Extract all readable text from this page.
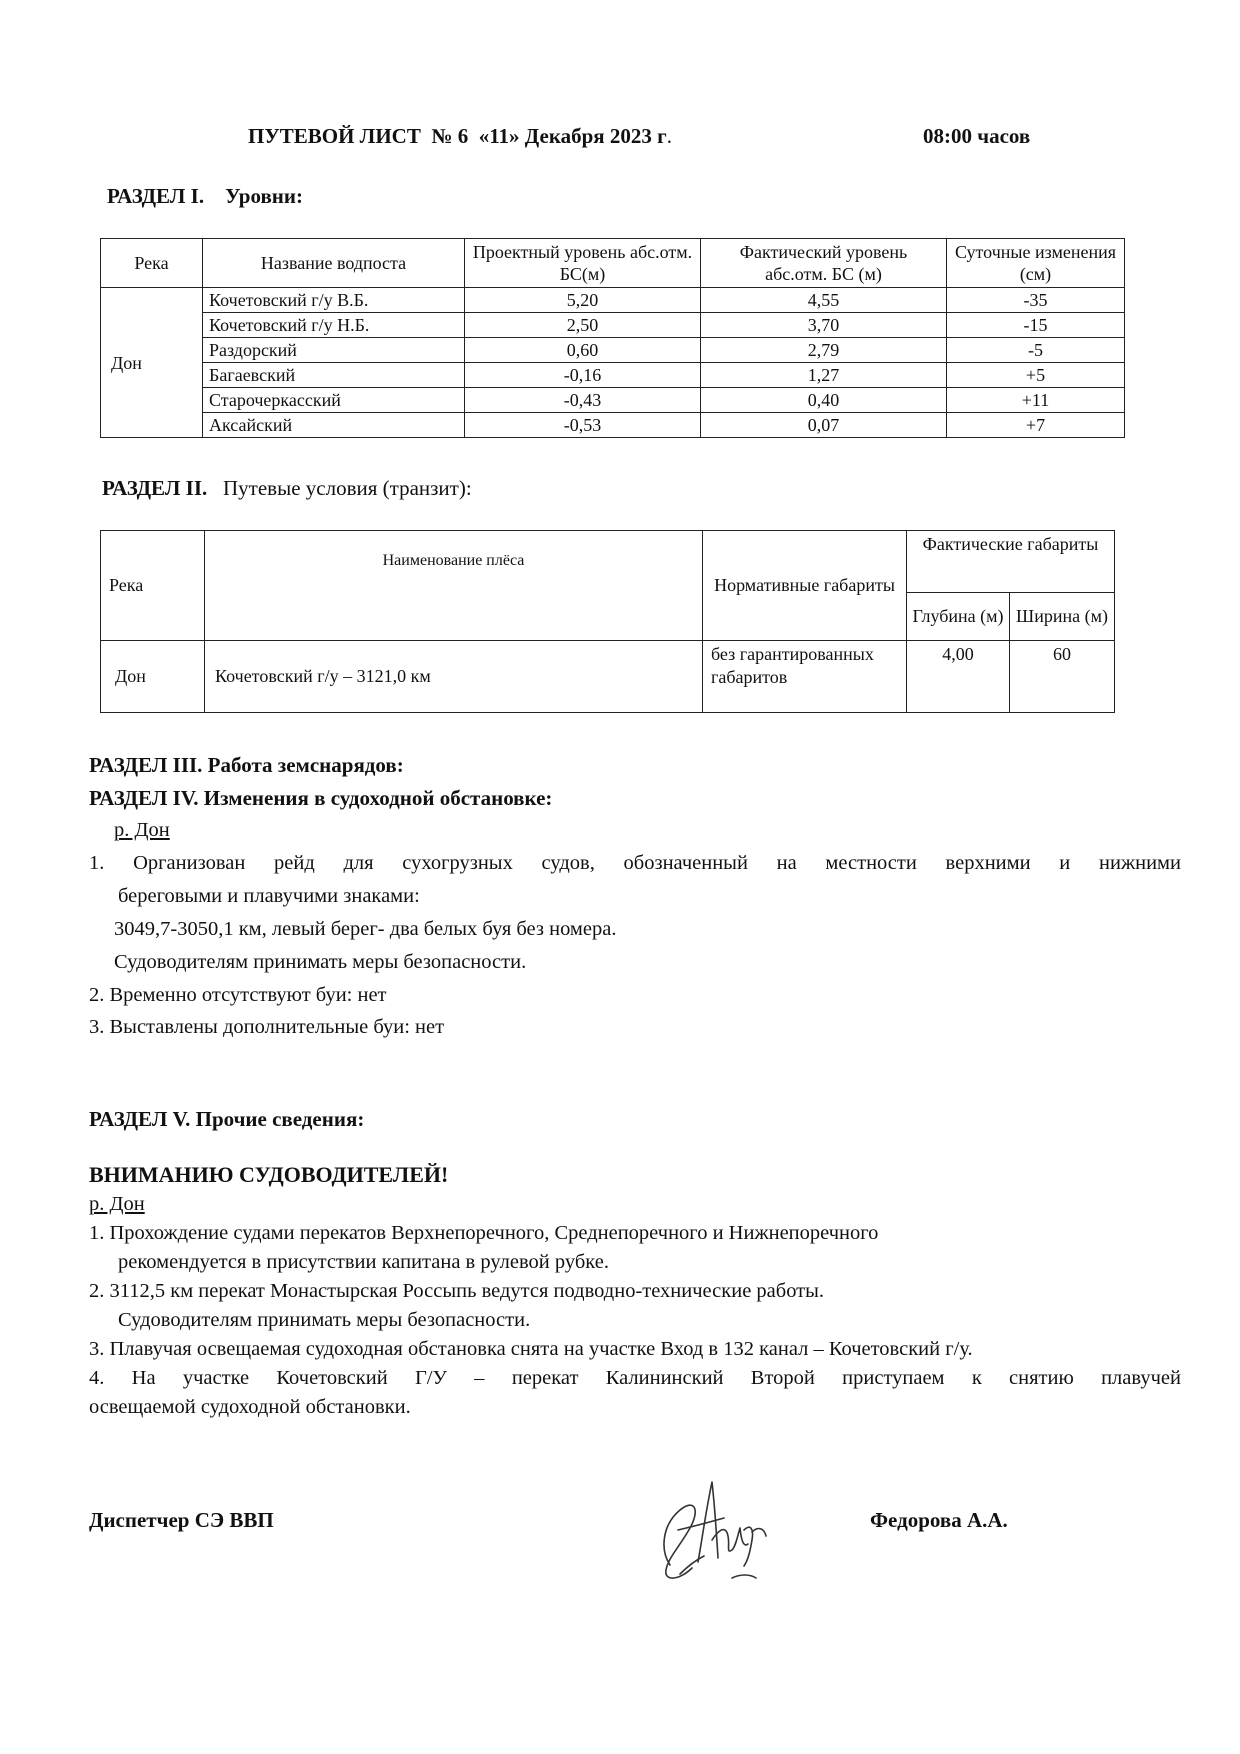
ПУТЕВОЙ ЛИСТ № 6 «11» Декабря 2023 г.	08:00 часов
РАЗДЕЛ I. Уровни:
Река	Название водпоста	Проектный уровень абс.отм. БС(м)	Фактический уровень абс.отм. БС (м)	Суточные изменения (см)
Дон	Кочетовский г/у В.Б.	5,20	4,55	-35
	Кочетовский г/у Н.Б.	2,50	3,70	-15
	Раздорский	0,60	2,79	-5
	Багаевский	-0,16	1,27	+5
	Старочеркасский	-0,43	0,40	+11
	Аксайский	-0,53	0,07	+7
РАЗДЕЛ II. Путевые условия (транзит):
Река	Наименование плёса	Нормативные габариты	Фактические габариты	
			Глубина (м)	Ширина (м)
Дон	Кочетовский г/у – 3121,0 км	без гарантированных габаритов	4,00	60
РАЗДЕЛ III. Работа земснарядов:
РАЗДЕЛ IV. Изменения в судоходной обстановке:
р. Дон
1. Организован рейд для сухогрузных судов, обозначенный на местности верхними и нижними
береговыми и плавучими знаками:
3049,7-3050,1 км, левый берег- два белых буя без номера.
Судоводителям принимать меры безопасности.
2. Временно отсутствуют буи: нет
3. Выставлены дополнительные буи: нет
РАЗДЕЛ V. Прочие сведения:
ВНИМАНИЮ СУДОВОДИТЕЛЕЙ!
р. Дон
1. Прохождение судами перекатов Верхнепоречного, Среднепоречного и Нижнепоречного
рекомендуется в присутствии капитана в рулевой рубке.
2. 3112,5 км перекат Монастырская Россыпь ведутся подводно-технические работы.
Судоводителям принимать меры безопасности.
3. Плавучая освещаемая судоходная обстановка снята на участке Вход в 132 канал – Кочетовский г/у.
4. На участке Кочетовский Г/У – перекат Калининский Второй приступаем к снятию плавучей
освещаемой судоходной обстановки.
Диспетчер СЭ ВВП	Федорова А.А.
